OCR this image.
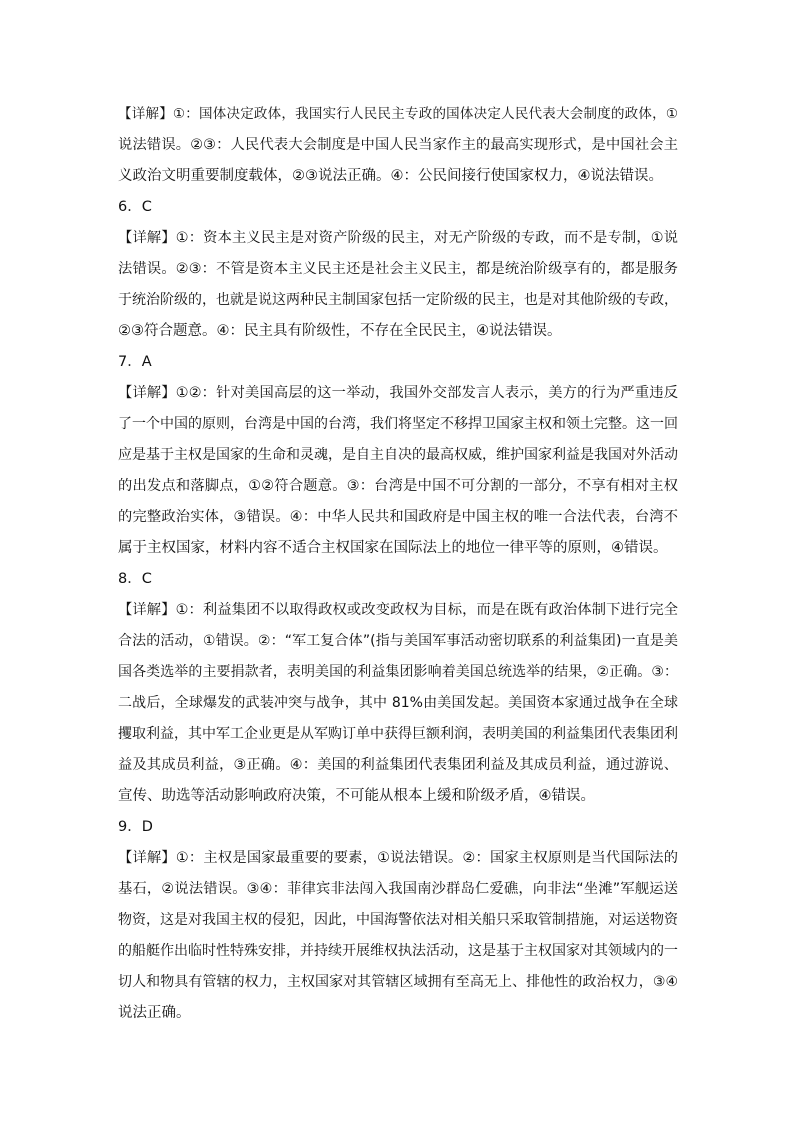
【详解】①：国体决定政体，我国实行人民民主专政的国体决定人民代表大会制度的政体，①
说法错误。②③：人民代表大会制度是中国人民当家作主的最高实现形式，是中国社会主
义政治文明重要制度载体，②③说法正确。④：公民间接行使国家权力，④说法错误。
6．C
【详解】①：资本主义民主是对资产阶级的民主，对无产阶级的专政，而不是专制，①说
法错误。②③：不管是资本主义民主还是社会主义民主，都是统治阶级享有的，都是服务
于统治阶级的，也就是说这两种民主制国家包括一定阶级的民主，也是对其他阶级的专政，
②③符合题意。④：民主具有阶级性，不存在全民民主，④说法错误。
7．A
【详解】①②：针对美国高层的这一举动，我国外交部发言人表示，美方的行为严重违反
了一个中国的原则，台湾是中国的台湾，我们将坚定不移捍卫国家主权和领土完整。这一回
应是基于主权是国家的生命和灵魂，是自主自决的最高权威，维护国家利益是我国对外活动
的出发点和落脚点，①②符合题意。③：台湾是中国不可分割的一部分，不享有相对主权
的完整政治实体，③错误。④：中华人民共和国政府是中国主权的唯一合法代表，台湾不
属于主权国家，材料内容不适合主权国家在国际法上的地位一律平等的原则，④错误。
8．C
【详解】①：利益集团不以取得政权或改变政权为目标，而是在既有政治体制下进行完全
合法的活动，①错误。②：“军工复合体”(指与美国军事活动密切联系的利益集团)一直是美
国各类选举的主要捐款者，表明美国的利益集团影响着美国总统选举的结果，②正确。③：
二战后，全球爆发的武装冲突与战争，其中 81%由美国发起。美国资本家通过战争在全球
攫取利益，其中军工企业更是从军购订单中获得巨额利润，表明美国的利益集团代表集团利
益及其成员利益，③正确。④：美国的利益集团代表集团利益及其成员利益，通过游说、
宣传、助选等活动影响政府决策，不可能从根本上缓和阶级矛盾，④错误。
9．D
【详解】①：主权是国家最重要的要素，①说法错误。②：国家主权原则是当代国际法的
基石，②说法错误。③④：菲律宾非法闯入我国南沙群岛仁爱礁，向非法“坐滩”军舰运送
物资，这是对我国主权的侵犯，因此，中国海警依法对相关船只采取管制措施，对运送物资
的船艇作出临时性特殊安排，并持续开展维权执法活动，这是基于主权国家对其领域内的一
切人和物具有管辖的权力，主权国家对其管辖区域拥有至高无上、排他性的政治权力，③④
说法正确。
